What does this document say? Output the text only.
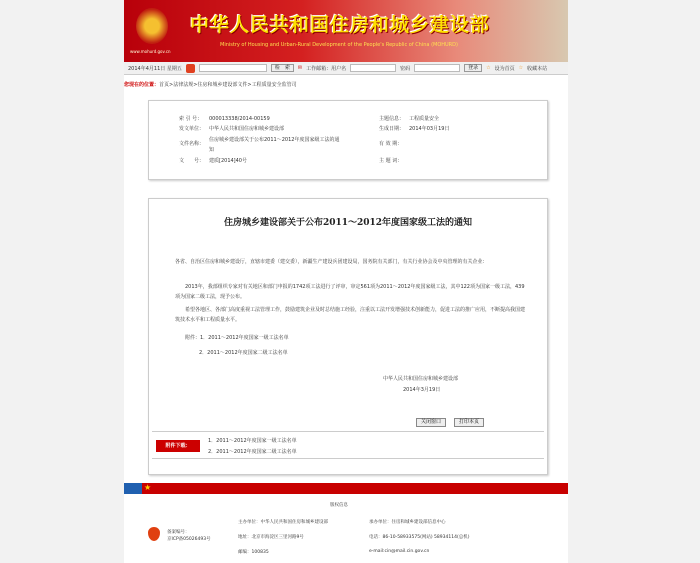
www.mohurd.gov.cn
中华人民共和国住房和城乡建设部
Ministry of Housing and Urban-Rural Development of the People's Republic of China (MOHURD)
2014年4月11日 星期五	检　索	✉ 工作邮箱：用户名	密码	登录	☆ 设为首页 ☆ 收藏本站
您现在的位置：首页>法律法规>住房和城乡建设部文件>工程质量安全监管司
索 引 号： 000013338/2014-00159
发文单位： 中华人民共和国住房和城乡建设部
文件名称：
住房城乡建设部关于公布2011～2012年度国家级工法的通知
文　　号： 建质[2014]40号
主题信息： 工程质量安全
生成日期： 2014年03月19日
有 效 期：
主 题 词：
住房城乡建设部关于公布2011～2012年度国家级工法的通知
各省、自治区住房和城乡建设厅，直辖市建委（建交委），新疆生产建设兵团建设局，国务院有关部门，有关行业协会及中央管理的有关企业：
2013年，我部组织专家对有关地区和部门申报的1742项工法进行了评审，审定561项为2011～2012年度国家级工法，其中122项为国家一级工法，439项为国家二级工法，现予公布。
希望各地区、各部门高度重视工法管理工作，鼓励建筑企业及时总结施工经验，注重以工法开发增强技术创新能力，促进工法的推广应用，不断提高我国建筑技术水平和工程质量水平。
附件：1．2011～2012年度国家一级工法名单
2．2011～2012年度国家二级工法名单
中华人民共和国住房和城乡建设部
2014年3月19日
关闭窗口	打印本页
附件下载：
1．2011～2012年度国家一级工法名单
2．2011～2012年度国家二级工法名单
★
版权信息
备案编号：
京ICP备05026493号
主办单位：中华人民共和国住房和城乡建设部	承办单位：住房和城乡建设部信息中心
地址：北京市海淀区三里河路9号	电话：86-10-58933575(网站) 58934114(总机)
邮编：100835	e-mail:cin@mail.cin.gov.cn
